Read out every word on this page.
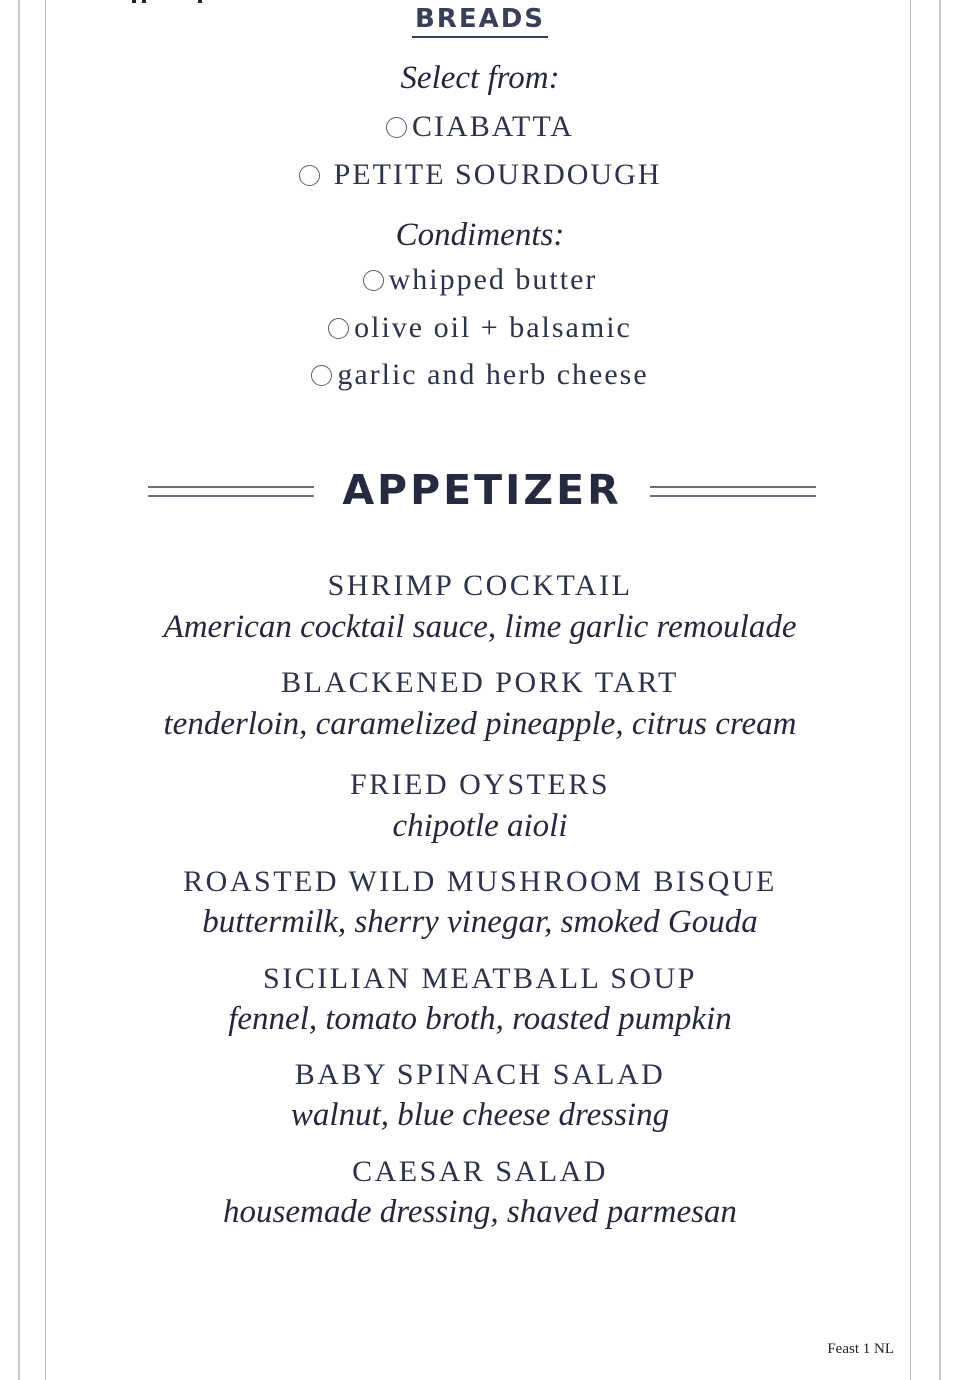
BREADS
Select from:
CIABATTA
PETITE SOURDOUGH
Condiments:
whipped butter
olive oil + balsamic
garlic and herb cheese
APPETIZER
SHRIMP COCKTAIL
American cocktail sauce, lime garlic remoulade
BLACKENED PORK TART
tenderloin, caramelized pineapple, citrus cream
FRIED OYSTERS
chipotle aioli
ROASTED WILD MUSHROOM BISQUE
buttermilk, sherry vinegar, smoked Gouda
SICILIAN MEATBALL SOUP
fennel, tomato broth, roasted pumpkin
BABY SPINACH SALAD
walnut, blue cheese dressing
CAESAR SALAD
housemade dressing, shaved parmesan
Feast 1 NL
